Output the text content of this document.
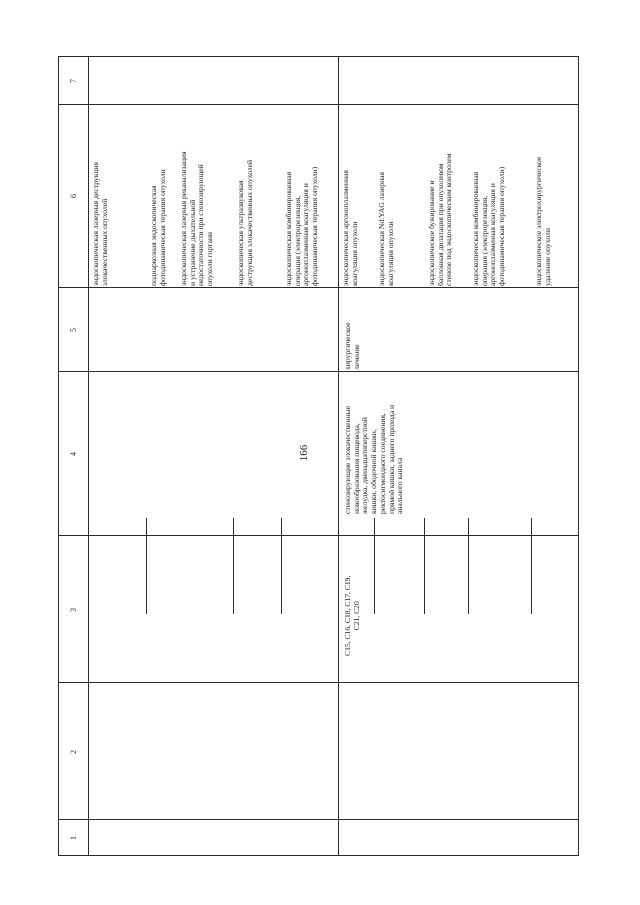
166
1
2
3
4
5
6
7
C15, C16, C18, C17, C19,
C21, C20
стенозирующие злокачественные
новообразования пищевода,
желудка, двенадцатиперстной
кишки, ободочной кишки,
ректосигмоидного соединения,
прямой кишки, заднего прохода и
анального канала
хирургическое
лечение
эндоскопическая лазерная деструкция
злокачественных опухолей
поднаркозная эндоскопическая
фотодинамическая терапия опухоли
эндоскопическая лазерная реканализация
и устранение дыхательной
недостаточности при стенозирующей
опухоли гортани	эндоскопическая ультразвуковая
деструкция злокачественных опухолей
эндоскопическая комбинированная
операция (электрорезекция,
аргоноплазменная коагуляция и
фотодинамическая терапия опухоли)
эндоскопическая аргоноплазменная
коагуляция опухоли эндоскопическая Nd:YAG лазерная
коагуляция опухоли	эндоскопическое бужирование и
баллонная дилатация при опухолевом
стенозе под эндоскопическим контролем
эндоскопическая комбинированная
операция (электрорезекция,
аргоноплазменная коагуляция и
фотодинамическая терапия опухоли)
эндоскопическое электрохирургическое
удаление опухоли
